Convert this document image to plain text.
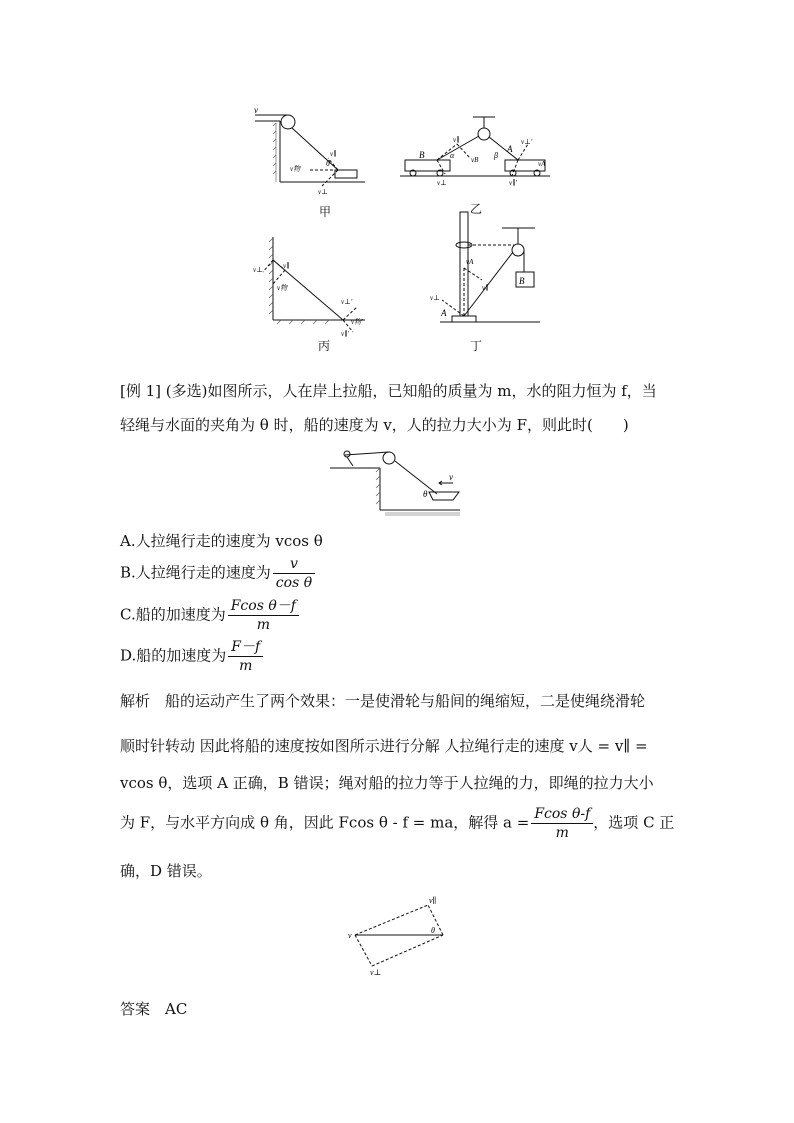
v
v∥
v物
θ
v⊥
甲
B
A
α	β
v∥
vB	vA
v⊥
v⊥′
v∥′
乙
v⊥	v∥
v物
v⊥′
v物′
v∥′
丙
B
A
vA
v∥
v⊥
丁
[例 1] (多选)如图所示，人在岸上拉船，已知船的质量为 m，水的阻力恒为 f，当
轻绳与水面的夹角为 θ 时，船的速度为 v，人的拉力大小为 F，则此时(　　)
θ
v
A.人拉绳行走的速度为 vcos θ
B.人拉绳行走的速度为 $\frac{v}{\text{cos θ}}$
C.船的加速度为 $\frac{\text{Fcos θ－f}}{m}$
D.船的加速度为 $\frac{F-f}{m}$
解析　船的运动产生了两个效果：一是使滑轮与船间的绳缩短，二是使绳绕滑轮
顺时针转动 因此将船的速度按如图所示进行分解 人拉绳行走的速度 v人 = v∥ =
vcos θ，选项 A 正确，B 错误；绳对船的拉力等于人拉绳的力，即绳的拉力大小
为 F，与水平方向成 θ 角，因此 Fcos θ - f = ma，解得 $a = \frac{\text{Fcos θ-f}}{m}$ ，选项 C 正
确，D 错误。
v∥
v
θ
v⊥
答案　AC
